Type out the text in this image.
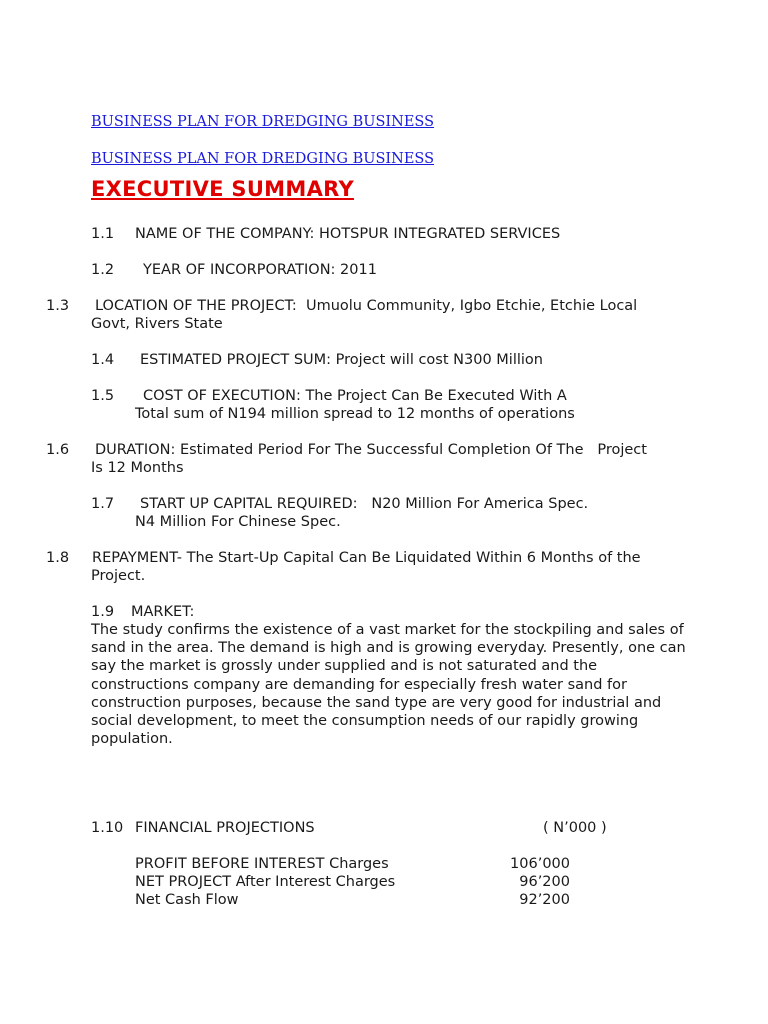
BUSINESS PLAN FOR DREDGING BUSINESS
BUSINESS PLAN FOR DREDGING BUSINESS
EXECUTIVE SUMMARY
1.1 NAME OF THE COMPANY: HOTSPUR INTEGRATED SERVICES
1.2 YEAR OF INCORPORATION: 2011
1.3 LOCATION OF THE PROJECT:  Umuolu Community, Igbo Etchie, Etchie Local
Govt, Rivers State
1.4 ESTIMATED PROJECT SUM: Project will cost N300 Million
1.5 COST OF EXECUTION: The Project Can Be Executed With A
Total sum of N194 million spread to 12 months of operations
1.6 DURATION: Estimated Period For The Successful Completion Of The   Project
Is 12 Months
1.7 START UP CAPITAL REQUIRED:   N20 Million For America Spec.
N4 Million For Chinese Spec.
1.8 REPAYMENT- The Start-Up Capital Can Be Liquidated Within 6 Months of the
Project.
1.9 MARKET:
The study confirms the existence of a vast market for the stockpiling and sales of sand in the area. The demand is high and is growing everyday. Presently, one can say the market is grossly under supplied and is not saturated and the constructions company are demanding for especially fresh water sand for construction purposes, because the sand type are very good for industrial and social development, to meet the consumption needs of our rapidly growing population.
1.10 FINANCIAL PROJECTIONS	( N’000 )
PROFIT BEFORE INTEREST Charges	106’000
NET PROJECT After Interest Charges	96’200
Net Cash Flow	92’200
